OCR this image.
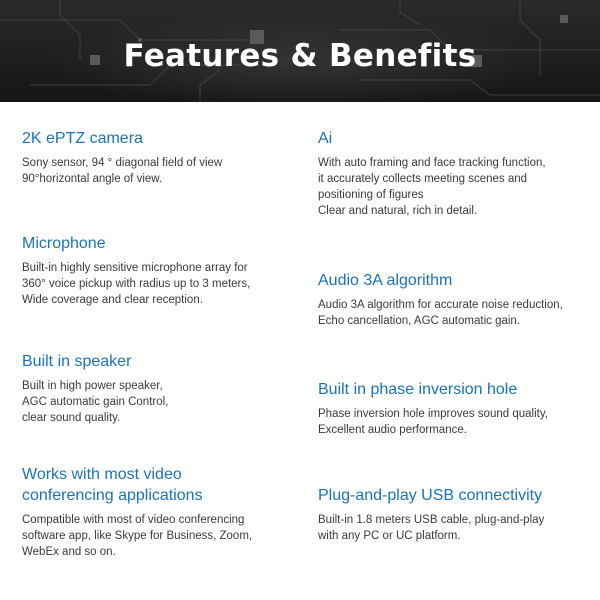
Features & Benefits
2K ePTZ camera

Sony sensor, 94 ° diagonal field of view
90°horizontal angle of view.

Ai

With auto framing and face tracking function,
it accurately collects meeting scenes and
positioning of figures
Clear and natural, rich in detail.

Microphone

Built-in highly sensitive microphone array for
360° voice pickup with radius up to 3 meters,
Wide coverage and clear reception.

Audio 3A algorithm

Audio 3A algorithm for accurate noise reduction,
Echo cancellation, AGC automatic gain.

Built in speaker

Built in high power speaker,
AGC automatic gain Control,
clear sound quality.

Built in phase inversion hole

Phase inversion hole improves sound quality,
Excellent audio performance.

Works with most video
conferencing applications

Compatible with most of video conferencing
software app, like Skype for Business, Zoom,
WebEx and so on.

Plug-and-play USB connectivity

Built-in 1.8 meters USB cable, plug-and-play
with any PC or UC platform.
